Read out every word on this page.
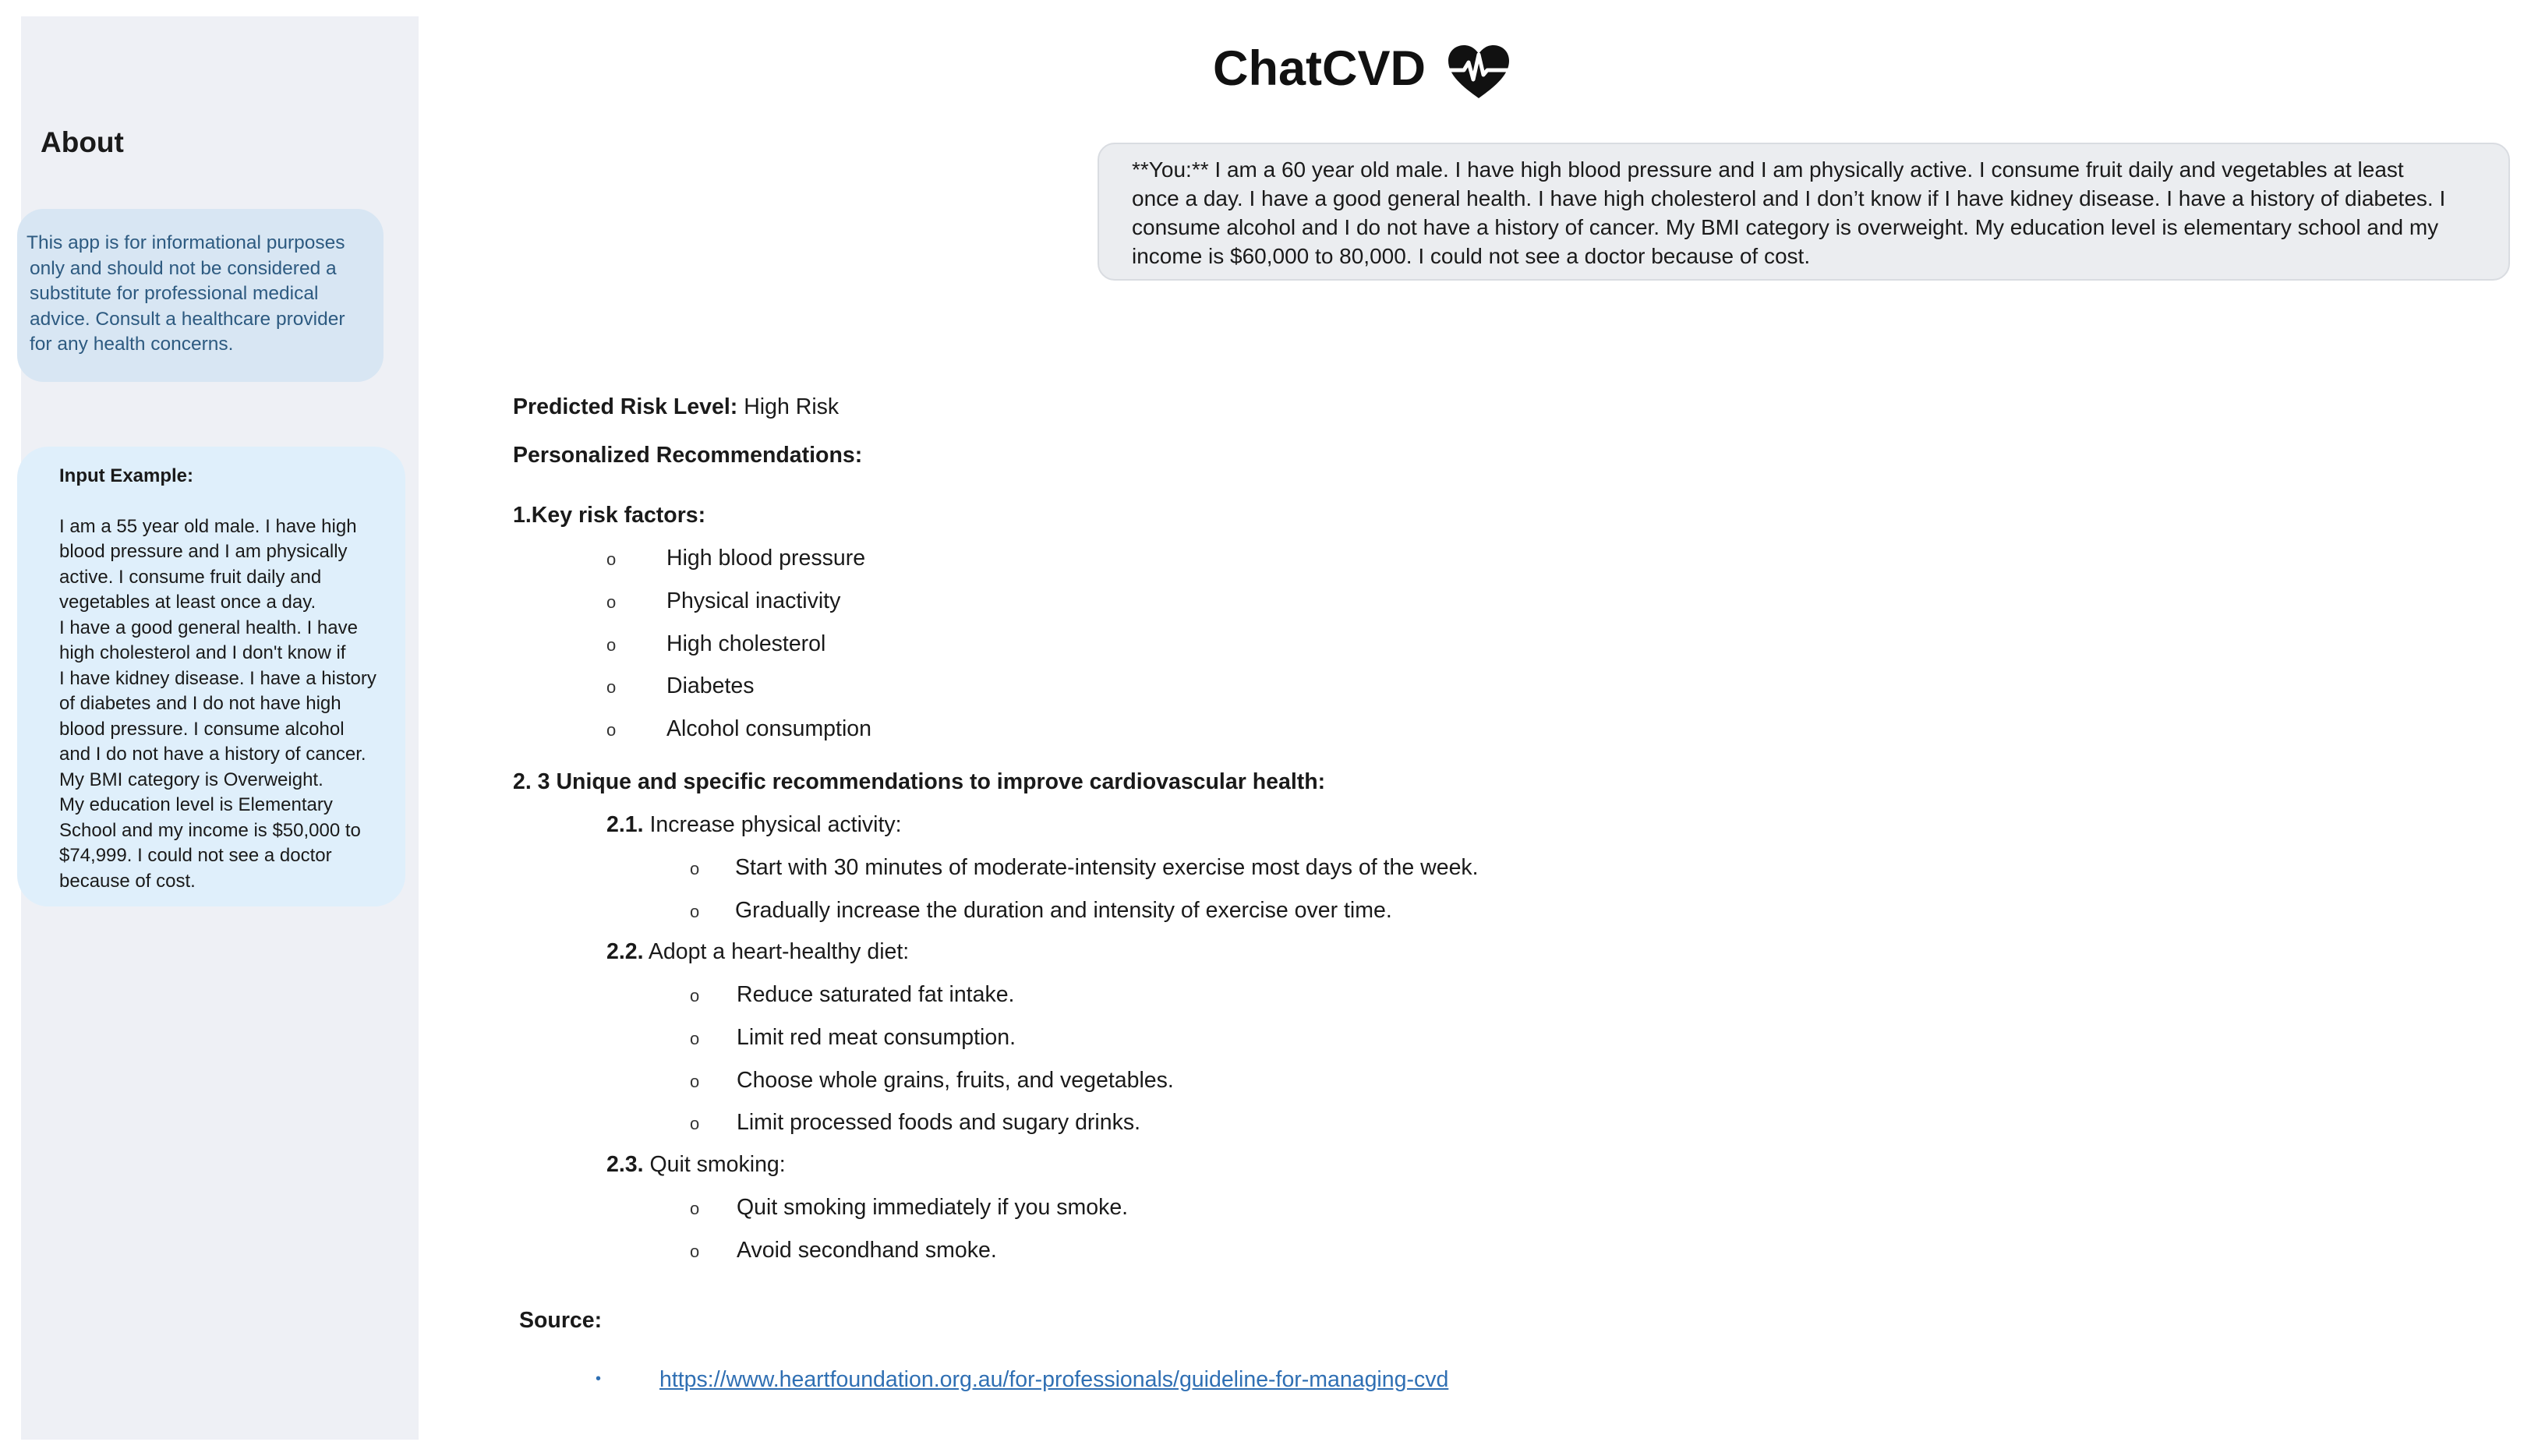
About
This app is for informational purposes
only and should not be considered a
substitute for professional medical
advice. Consult a healthcare provider
for any health concerns.
Input Example:
I am a 55 year old male. I have high
blood pressure and I am physically
active. I consume fruit daily and
vegetables at least once a day.
I have a good general health. I have
high cholesterol and I don't know if
I have kidney disease. I have a history
of diabetes and I do not have high
blood pressure. I consume alcohol
and I do not have a history of cancer.
My BMI category is Overweight.
My education level is Elementary
School and my income is $50,000 to
$74,999. I could not see a doctor
because of cost.
ChatCVD
**You:** I am a 60 year old male. I have high blood pressure and I am physically active. I consume fruit daily and vegetables at least
once a day. I have a good general health. I have high cholesterol and I don’t know if I have kidney disease. I have a history of diabetes. I
consume alcohol and I do not have a history of cancer. My BMI category is overweight. My education level is elementary school and my
income is $60,000 to 80,000. I could not see a doctor because of cost.
Predicted Risk Level: High Risk
Personalized Recommendations:
1.Key risk factors:
o High blood pressure
o Physical inactivity
o High cholesterol
o Diabetes
o Alcohol consumption
2. 3 Unique and specific recommendations to improve cardiovascular health:
2.1. Increase physical activity:
o Start with 30 minutes of moderate-intensity exercise most days of the week.
o Gradually increase the duration and intensity of exercise over time.
2.2. Adopt a heart-healthy diet:
o Reduce saturated fat intake.
o Limit red meat consumption.
o Choose whole grains, fruits, and vegetables.
o Limit processed foods and sugary drinks.
2.3. Quit smoking:
o Quit smoking immediately if you smoke.
o Avoid secondhand smoke.
Source:
•	https://www.heartfoundation.org.au/for-professionals/guideline-for-managing-cvd
